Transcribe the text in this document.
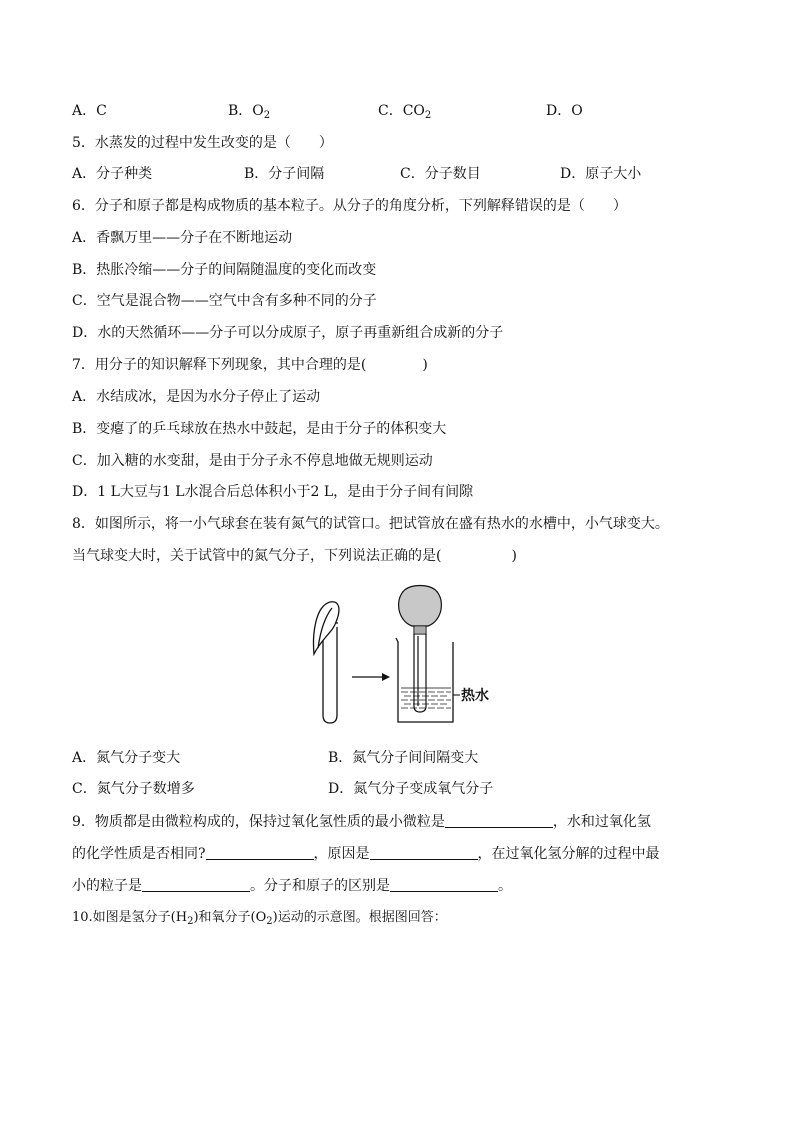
A．C	B．$O_2$	C．$CO_2$	D．O
5．水蒸发的过程中发生改变的是（　　）
A．分子种类	B．分子间隔	C．分子数目	D．原子大小
6．分子和原子都是构成物质的基本粒子。从分子的角度分析，下列解释错误的是（　　）
A．香飘万里——分子在不断地运动
B．热胀冷缩——分子的间隔随温度的变化而改变
C．空气是混合物——空气中含有多种不同的分子
D．水的天然循环——分子可以分成原子，原子再重新组合成新的分子
7．用分子的知识解释下列现象，其中合理的是(　　　　)
A．水结成冰，是因为水分子停止了运动
B．变瘪了的乒乓球放在热水中鼓起，是由于分子的体积变大
C．加入糖的水变甜，是由于分子永不停息地做无规则运动
D．1 L大豆与1 L水混合后总体积小于2 L，是由于分子间有间隙
8．如图所示，将一小气球套在装有氮气的试管口。把试管放在盛有热水的水槽中，小气球变大。
当气球变大时，关于试管中的氮气分子，下列说法正确的是(　　　　　)
热水
A．氮气分子变大	B．氮气分子间间隔变大
C．氮气分子数增多	D．氮气分子变成氧气分子
9．物质都是由微粒构成的，保持过氧化氢性质的最小微粒是	，水和过氧化氢
的化学性质是否相同?	，原因是	，在过氧化氢分解的过程中最
小的粒子是	。分子和原子的区别是	。
10.如图是氢分子$(H_2)$和氧分子$(O_2)$运动的示意图。根据图回答：
